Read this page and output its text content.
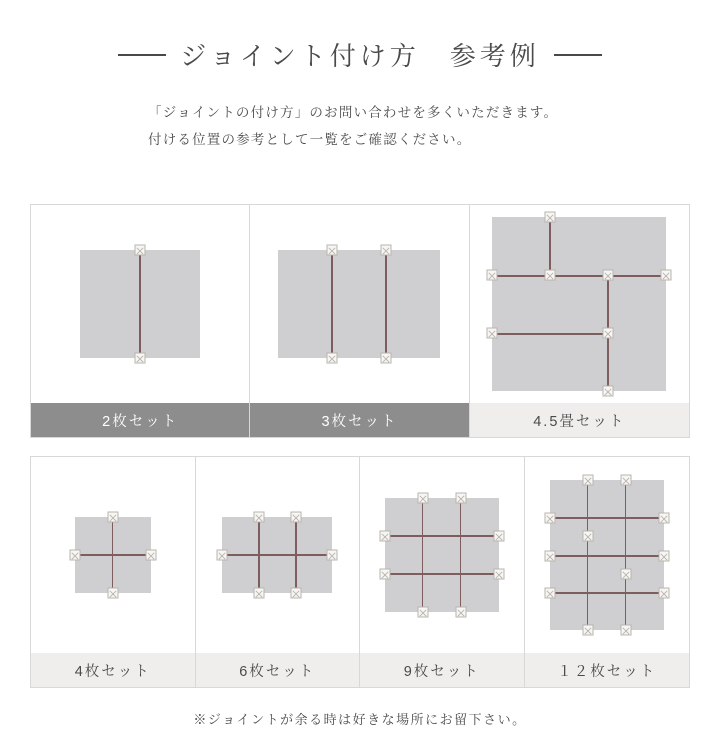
ジョイント付け方　参考例
「ジョイントの付け方」のお問い合わせを多くいただきます。
付ける位置の参考として一覧をご確認ください。
2枚セット	3枚セット	4.5畳セット
4枚セット	6枚セット	9枚セット	１２枚セット
※ジョイントが余る時は好きな場所にお留下さい。
